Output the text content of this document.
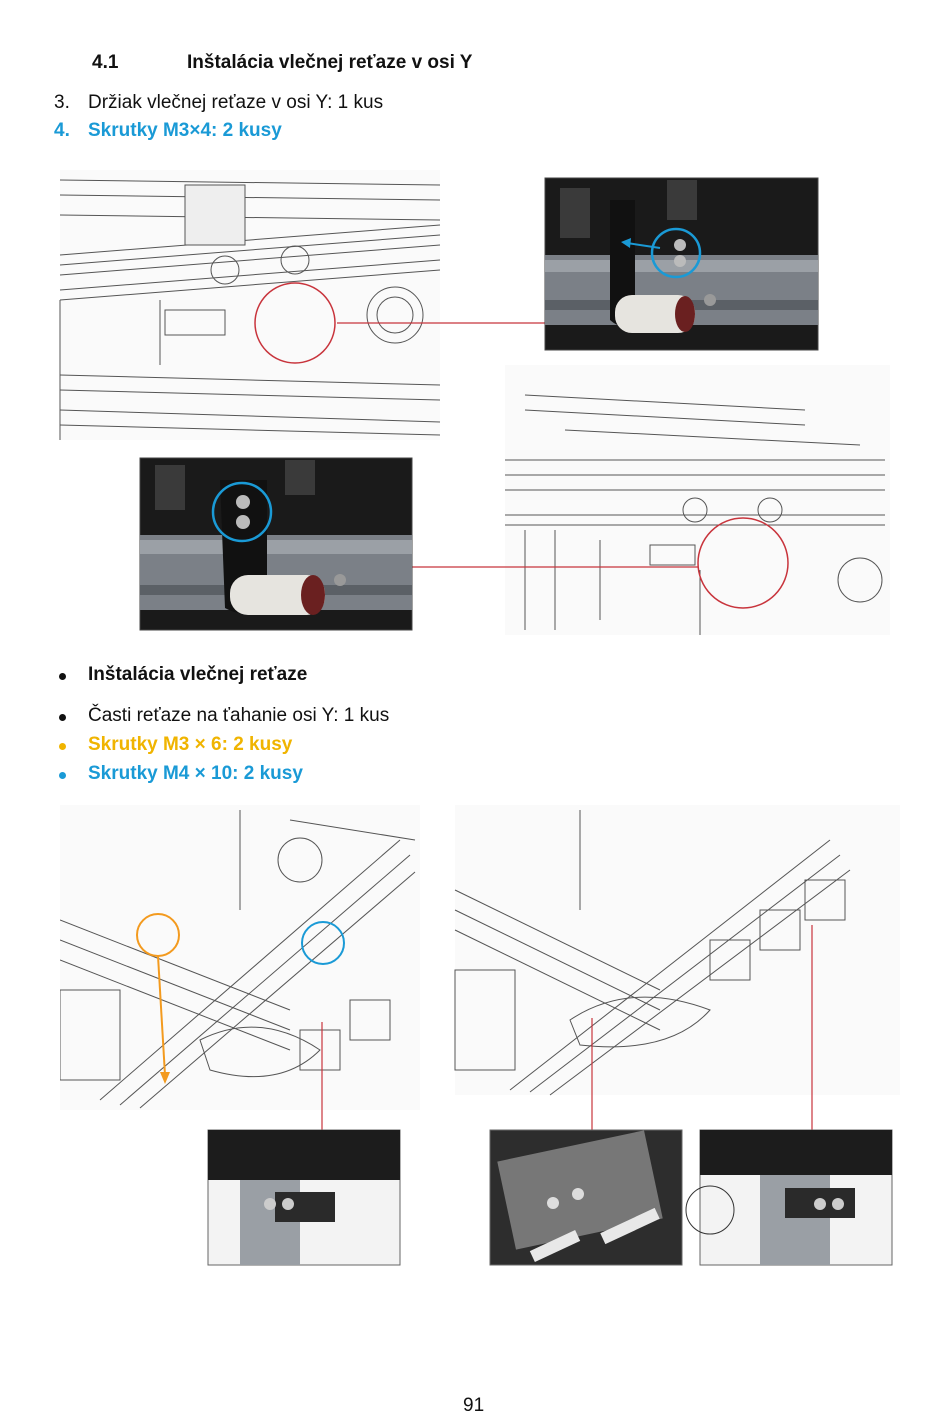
4.1	Inštalácia vlečnej reťaze v osi Y
3. Držiak vlečnej reťaze v osi Y: 1 kus
4. Skrutky M3×4: 2 kusy
Inštalácia vlečnej reťaze
Časti reťaze na ťahanie osi Y: 1 kus
Skrutky M3 × 6: 2 kusy
Skrutky M4 × 10: 2 kusy
91
